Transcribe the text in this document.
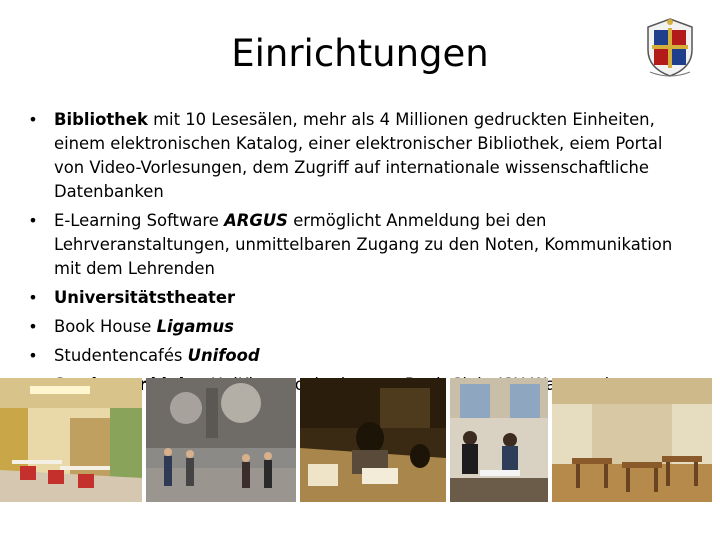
Einrichtungen
• Bibliothek mit 10 Lesesälen, mehr als 4 Millionen gedruckten Einheiten, einem elektronischen Katalog, einer elektronischer Bibliothek, eiem Portal von Video-Vorlesungen, dem Zugriff auf internationale wissenschaftliche Datenbanken
• E-Learning Software ARGUS ermöglicht Anmeldung bei den Lehrveranstaltungen, unmittelbaren Zugang zu den Noten, Kommunikation mit dem Lehrenden
• Universitätstheater
• Book House Ligamus
• Studentencafés Unifood
